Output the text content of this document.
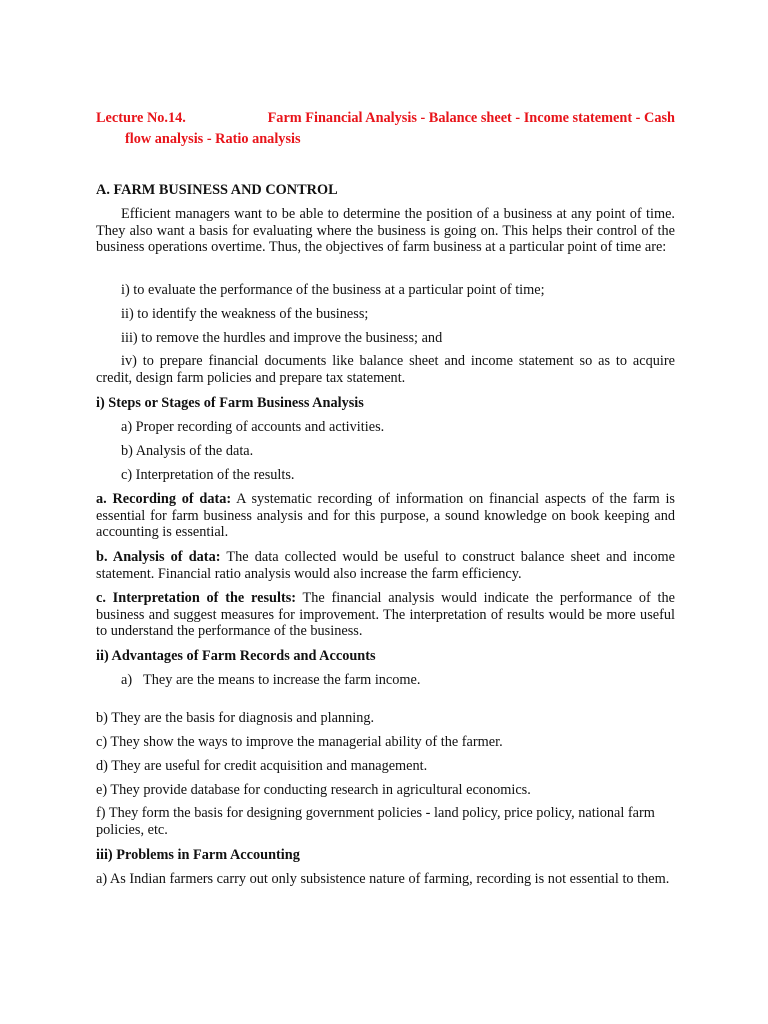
Lecture No.14.	Farm Financial Analysis - Balance sheet - Income statement - Cash
flow analysis - Ratio analysis
A. FARM BUSINESS AND CONTROL

Efficient managers want to be able to determine the position of a business at any point of time. They also want a basis for evaluating where the business is going on. This helps their control of the business operations overtime. Thus, the objectives of farm business at a particular point of time are:

i) to evaluate the performance of the business at a particular point of time;

ii) to identify the weakness of the business;

iii) to remove the hurdles and improve the business; and

iv) to prepare financial documents like balance sheet and income statement so as to acquire credit, design farm policies and prepare tax statement.

i) Steps or Stages of Farm Business Analysis

a) Proper recording of accounts and activities.

b) Analysis of the data.

c) Interpretation of the results.

a. Recording of data: A systematic recording of information on financial aspects of the farm is essential for farm business analysis and for this purpose, a sound knowledge on book keeping and accounting is essential.

b. Analysis of data: The data collected would be useful to construct balance sheet and income statement. Financial ratio analysis would also increase the farm efficiency.

c. Interpretation of the results: The financial analysis would indicate the performance of the business and suggest measures for improvement. The interpretation of results would be more useful to understand the performance of the business.

ii) Advantages of Farm Records and Accounts
a) They are the means to increase the farm income.

b) They are the basis for diagnosis and planning.

c) They show the ways to improve the managerial ability of the farmer.

d) They are useful for credit acquisition and management.

e) They provide database for conducting research in agricultural economics.

f) They form the basis for designing government policies - land policy, price policy, national farm policies, etc.

iii) Problems in Farm Accounting

a) As Indian farmers carry out only subsistence nature of farming, recording is not essential to them.
